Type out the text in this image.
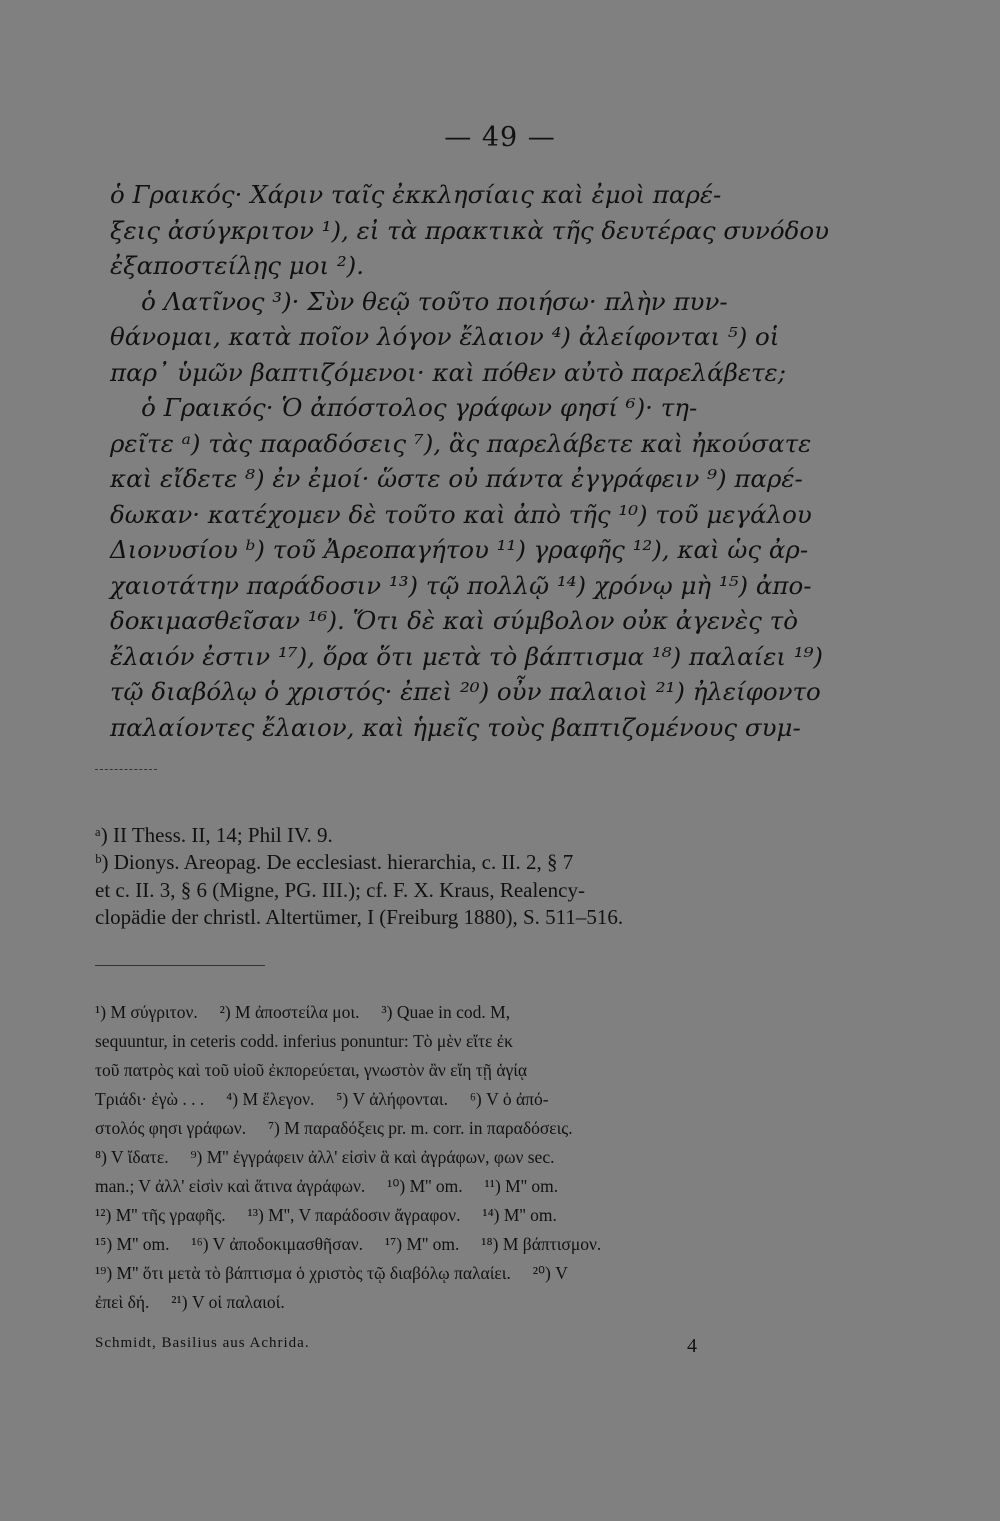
— 49 —
ὁ Γραικός· Χάριν ταῖς ἐκκλησίαις καὶ ἐμοὶ παρέ-
ξεις ἀσύγκριτον ¹), εἰ τὰ πρακτικὰ τῆς δευτέρας συνόδου
ἐξαποστείλῃς μοι ²).
ὁ Λατῖνος ³)· Σὺν θεῷ τοῦτο ποιήσω· πλὴν πυν-
θάνομαι, κατὰ ποῖον λόγον ἔλαιον ⁴) ἀλείφονται ⁵) οἱ
παρ᾿ ὑμῶν βαπτιζόμενοι· καὶ πόθεν αὐτὸ παρελάβετε;
ὁ Γραικός· Ὁ ἀπόστολος γράφων φησί ⁶)· τη-
ρεῖτε ᵃ) τὰς παραδόσεις ⁷), ἃς παρελάβετε καὶ ἠκούσατε
καὶ εἴδετε ⁸) ἐν ἐμοί· ὥστε οὐ πάντα ἐγγράφειν ⁹) παρέ-
δωκαν· κατέχομεν δὲ τοῦτο καὶ ἀπὸ τῆς ¹⁰) τοῦ μεγάλου
Διονυσίου ᵇ) τοῦ Ἀρεοπαγήτου ¹¹) γραφῆς ¹²), καὶ ὡς ἀρ-
χαιοτάτην παράδοσιν ¹³) τῷ πολλῷ ¹⁴) χρόνῳ μὴ ¹⁵) ἀπο-
δοκιμασθεῖσαν ¹⁶). Ὅτι δὲ καὶ σύμβολον οὐκ ἀγενὲς τὸ
ἔλαιόν ἐστιν ¹⁷), ὅρα ὅτι μετὰ τὸ βάπτισμα ¹⁸) παλαίει ¹⁹)
τῷ διαβόλῳ ὁ χριστός· ἐπεὶ ²⁰) οὖν παλαιοὶ ²¹) ἠλείφοντο
παλαίοντες ἔλαιον, καὶ ἡμεῖς τοὺς βαπτιζομένους συμ-
ᵃ) II Thess. II, 14; Phil IV. 9.
ᵇ) Dionys. Areopag. De ecclesiast. hierarchia, c. II. 2, § 7
et c. II. 3, § 6 (Migne, PG. III.); cf. F. X. Kraus, Realency-
clopädie der christl. Altertümer, I (Freiburg 1880), S. 511–516.
¹) M σύγριτον.     ²) M ἀποστείλα μοι.     ³) Quae in cod. M,
sequuntur, in ceteris codd. inferius ponuntur: Τὸ μὲν εἴτε ἐκ
τοῦ πατρὸς καὶ τοῦ υἱοῦ ἐκπορεύεται, γνωστὸν ἂν εἴη τῇ ἁγίᾳ
Τριάδι· ἐγὼ . . .     ⁴) M ἔλεγον.     ⁵) V ἀλήφονται.     ⁶) V ὁ ἀπό-
στολός φησι γράφων.     ⁷) M παραδόξεις pr. m. corr. in παραδόσεις.
⁸) V ἴδατε.     ⁹) M'' ἐγγράφειν ἀλλ' εἰσὶν ἃ καὶ ἀγράφων, φων sec.
man.; V ἀλλ' εἰσὶν καὶ ἅτινα ἀγράφων.     ¹⁰) M'' om.     ¹¹) M'' om.
¹²) M'' τῆς γραφῆς.     ¹³) M'', V παράδοσιν ἄγραφον.     ¹⁴) M'' om.
¹⁵) M'' om.     ¹⁶) V ἀποδοκιμασθῆσαν.     ¹⁷) M'' om.     ¹⁸) M βάπτισμον.
¹⁹) M'' ὅτι μετὰ τὸ βάπτισμα ὁ χριστὸς τῷ διαβόλῳ παλαίει.     ²⁰) V
ἐπεὶ δή.     ²¹) V οἱ παλαιοί.
Schmidt, Basilius aus Achrida.	4
